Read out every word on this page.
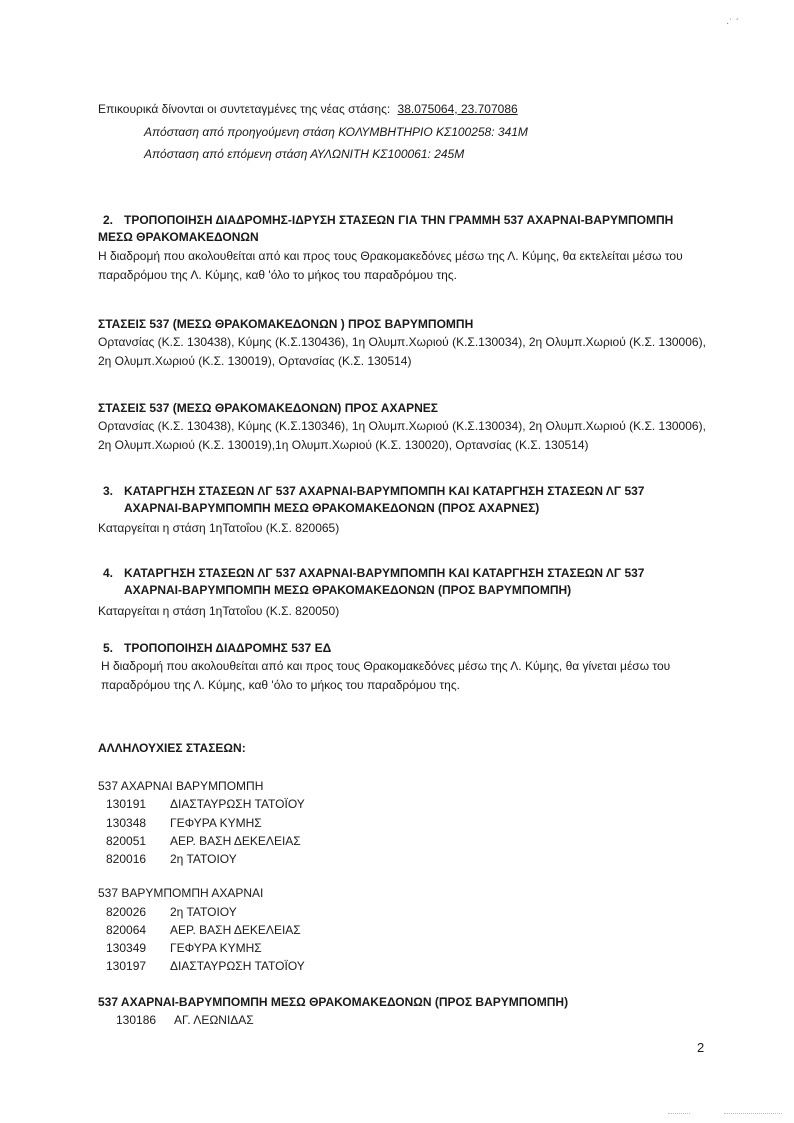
·˙ ˊ
Επικουρικά δίνονται οι συντεταγμένες της νέας στάσης: 38.075064, 23.707086
Απόσταση από προηγούμενη στάση ΚΟΛΥΜΒΗΤΗΡΙΟ ΚΣ100258: 341Μ
Απόσταση από επόμενη στάση ΑΥΛΩΝΙΤΗ ΚΣ100061: 245Μ
2. ΤΡΟΠΟΠΟΙΗΣΗ ΔΙΑΔΡΟΜΗΣ-ΙΔΡΥΣΗ ΣΤΑΣΕΩΝ ΓΙΑ ΤΗΝ ΓΡΑΜΜΗ 537 ΑΧΑΡΝΑΙ-ΒΑΡΥΜΠΟΜΠΗ
ΜΕΣΩ ΘΡΑΚΟΜΑΚΕΔΟΝΩΝ
Η διαδρομή που ακολουθείται από και προς τους Θρακομακεδόνες μέσω της Λ. Κύμης, θα εκτελείται μέσω του παραδρόμου της Λ. Κύμης, καθ 'όλο το μήκος του παραδρόμου της.
ΣΤΑΣΕΙΣ 537 (ΜΕΣΩ ΘΡΑΚΟΜΑΚΕΔΟΝΩΝ ) ΠΡΟΣ ΒΑΡΥΜΠΟΜΠΗ
Ορτανσίας (Κ.Σ. 130438), Κύμης (Κ.Σ.130436), 1η Ολυμπ.Χωριού (Κ.Σ.130034), 2η Ολυμπ.Χωριού (Κ.Σ. 130006), 2η Ολυμπ.Χωριού (Κ.Σ. 130019), Ορτανσίας (Κ.Σ. 130514)
ΣΤΑΣΕΙΣ 537 (ΜΕΣΩ ΘΡΑΚΟΜΑΚΕΔΟΝΩΝ) ΠΡΟΣ ΑΧΑΡΝΕΣ
Ορτανσίας (Κ.Σ. 130438), Κύμης (Κ.Σ.130346), 1η Ολυμπ.Χωριού (Κ.Σ.130034), 2η Ολυμπ.Χωριού (Κ.Σ. 130006), 2η Ολυμπ.Χωριού (Κ.Σ. 130019),1η Ολυμπ.Χωριού (Κ.Σ. 130020), Ορτανσίας (Κ.Σ. 130514)
3. ΚΑΤΑΡΓΗΣΗ ΣΤΑΣΕΩΝ ΛΓ 537 ΑΧΑΡΝΑΙ-ΒΑΡΥΜΠΟΜΠΗ ΚΑΙ ΚΑΤΑΡΓΗΣΗ ΣΤΑΣΕΩΝ ΛΓ 537
ΑΧΑΡΝΑΙ-ΒΑΡΥΜΠΟΜΠΗ ΜΕΣΩ ΘΡΑΚΟΜΑΚΕΔΟΝΩΝ (ΠΡΟΣ ΑΧΑΡΝΕΣ)
Καταργείται η στάση 1ηΤατοΐου (Κ.Σ. 820065)
4. ΚΑΤΑΡΓΗΣΗ ΣΤΑΣΕΩΝ ΛΓ 537 ΑΧΑΡΝΑΙ-ΒΑΡΥΜΠΟΜΠΗ ΚΑΙ ΚΑΤΑΡΓΗΣΗ ΣΤΑΣΕΩΝ ΛΓ 537
ΑΧΑΡΝΑΙ-ΒΑΡΥΜΠΟΜΠΗ ΜΕΣΩ ΘΡΑΚΟΜΑΚΕΔΟΝΩΝ (ΠΡΟΣ ΒΑΡΥΜΠΟΜΠΗ)
Καταργείται η στάση 1ηΤατοΐου (Κ.Σ. 820050)
5. ΤΡΟΠΟΠΟΙΗΣΗ ΔΙΑΔΡΟΜΗΣ 537 ΕΔ
Η διαδρομή που ακολουθείται από και προς τους Θρακομακεδόνες μέσω της Λ. Κύμης, θα γίνεται μέσω του παραδρόμου της Λ. Κύμης, καθ 'όλο το μήκος του παραδρόμου της.
ΑΛΛΗΛΟΥΧΙΕΣ ΣΤΑΣΕΩΝ:
537 ΑΧΑΡΝΑΙ ΒΑΡΥΜΠΟΜΠΗ
130191 ΔΙΑΣΤΑΥΡΩΣΗ ΤΑΤΟΪΟΥ
130348 ΓΕΦΥΡΑ ΚΥΜΗΣ
820051 ΑΕΡ. ΒΑΣΗ ΔΕΚΕΛΕΙΑΣ
820016 2η ΤΑΤΟΙΟΥ
537 ΒΑΡΥΜΠΟΜΠΗ ΑΧΑΡΝΑΙ
820026 2η ΤΑΤΟΙΟΥ
820064 ΑΕΡ. ΒΑΣΗ ΔΕΚΕΛΕΙΑΣ
130349 ΓΕΦΥΡΑ ΚΥΜΗΣ
130197 ΔΙΑΣΤΑΥΡΩΣΗ ΤΑΤΟΪΟΥ
537 ΑΧΑΡΝΑΙ-ΒΑΡΥΜΠΟΜΠΗ ΜΕΣΩ ΘΡΑΚΟΜΑΚΕΔΟΝΩΝ (ΠΡΟΣ ΒΑΡΥΜΠΟΜΠΗ)
130186 ΑΓ. ΛΕΩΝΙΔΑΣ
2
